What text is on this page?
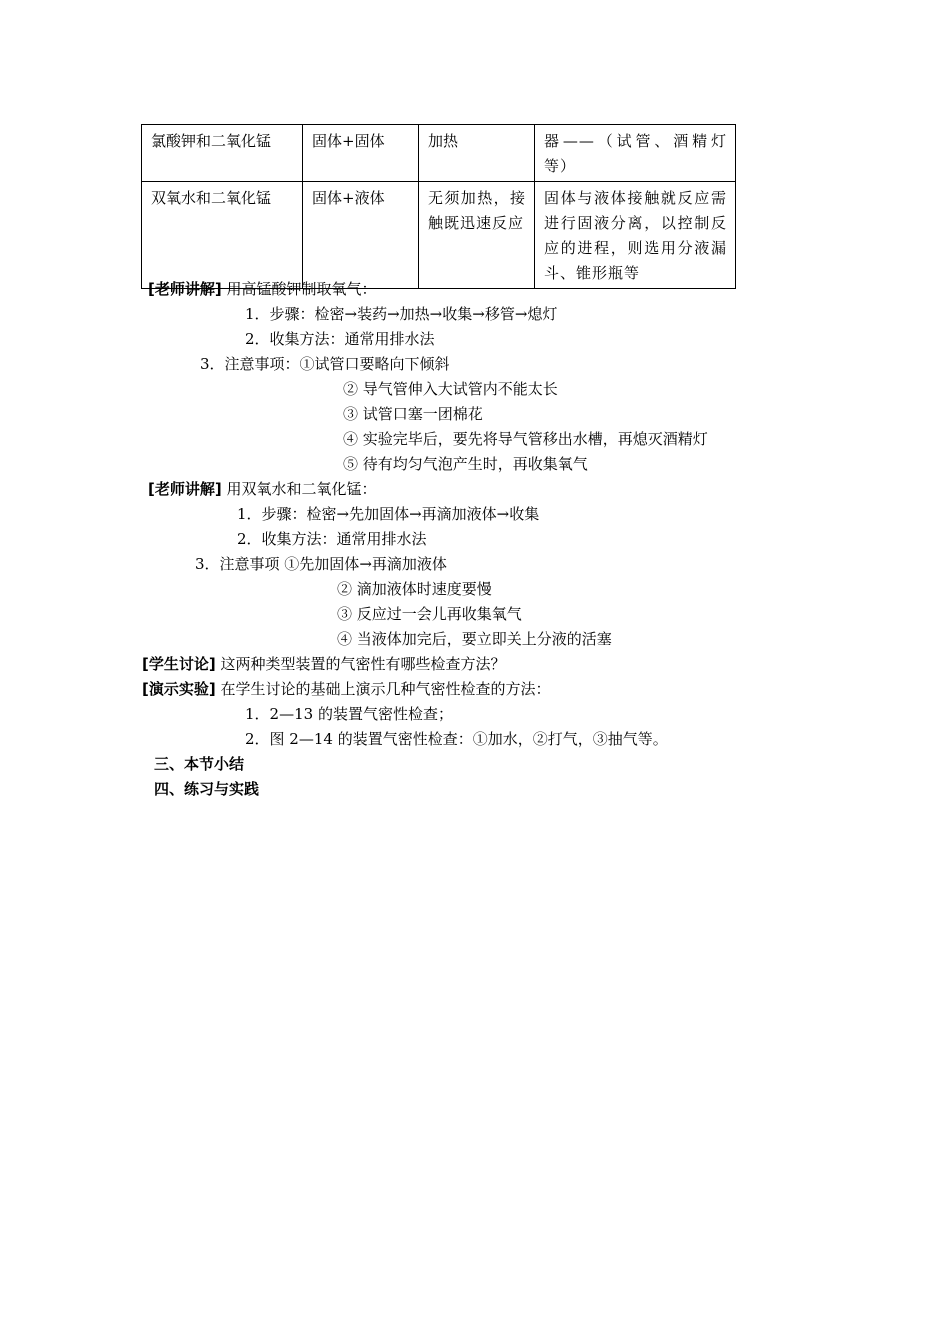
氯酸钾和二氧化锰	固体+固体	加热	器——（试管、酒精灯等）
双氧水和二氧化锰	固体+液体	无须加热，接触既迅速反应	固体与液体接触就反应需进行固液分离，以控制反应的进程，则选用分液漏斗、锥形瓶等
[老师讲解] 用高锰酸钾制取氧气：
1．步骤：检密→装药→加热→收集→移管→熄灯
2．收集方法：通常用排水法
3．注意事项：①试管口要略向下倾斜
② 导气管伸入大试管内不能太长
③ 试管口塞一团棉花
④ 实验完毕后，要先将导气管移出水槽，再熄灭酒精灯
⑤ 待有均匀气泡产生时，再收集氧气
[老师讲解] 用双氧水和二氧化锰：
1．步骤：检密→先加固体→再滴加液体→收集
2．收集方法：通常用排水法
3．注意事项 ①先加固体→再滴加液体
② 滴加液体时速度要慢
③ 反应过一会儿再收集氧气
④ 当液体加完后，要立即关上分液的活塞
[学生讨论] 这两种类型装置的气密性有哪些检查方法？
[演示实验] 在学生讨论的基础上演示几种气密性检查的方法：
1．2—13 的装置气密性检查；
2．图 2—14 的装置气密性检查：①加水，②打气，③抽气等。
三、本节小结
四、练习与实践
